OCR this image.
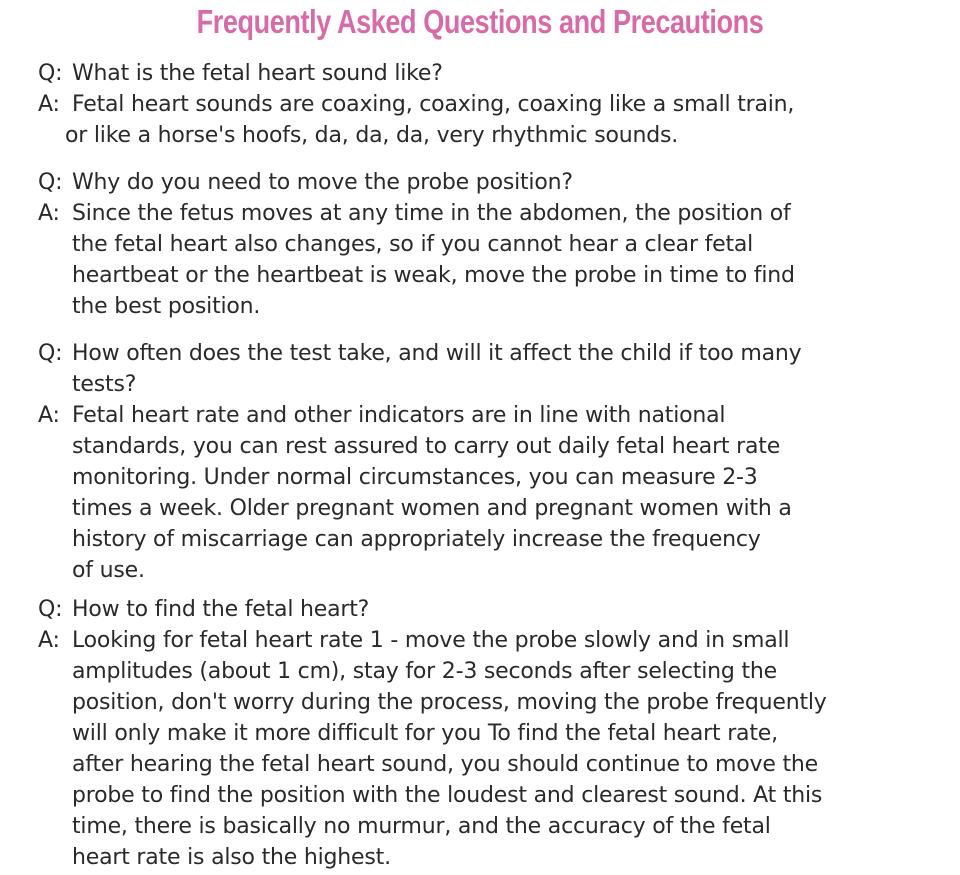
Frequently Asked Questions and Precautions
Q: What is the fetal heart sound like?
A: Fetal heart sounds are coaxing, coaxing, coaxing like a small train,
or like a horse's hoofs, da, da, da, very rhythmic sounds.
Q: Why do you need to move the probe position?
A: Since the fetus moves at any time in the abdomen, the position of
the fetal heart also changes, so if you cannot hear a clear fetal
heartbeat or the heartbeat is weak, move the probe in time to find
the best position.
Q: How often does the test take, and will it affect the child if too many
tests?
A: Fetal heart rate and other indicators are in line with national
standards, you can rest assured to carry out daily fetal heart rate
monitoring. Under normal circumstances, you can measure 2-3
times a week. Older pregnant women and pregnant women with a
history of miscarriage can appropriately increase the frequency
of use.
Q: How to find the fetal heart?
A: Looking for fetal heart rate 1 - move the probe slowly and in small
amplitudes (about 1 cm), stay for 2-3 seconds after selecting the
position, don't worry during the process, moving the probe frequently
will only make it more difficult for you To find the fetal heart rate,
after hearing the fetal heart sound, you should continue to move the
probe to find the position with the loudest and clearest sound. At this
time, there is basically no murmur, and the accuracy of the fetal
heart rate is also the highest.
